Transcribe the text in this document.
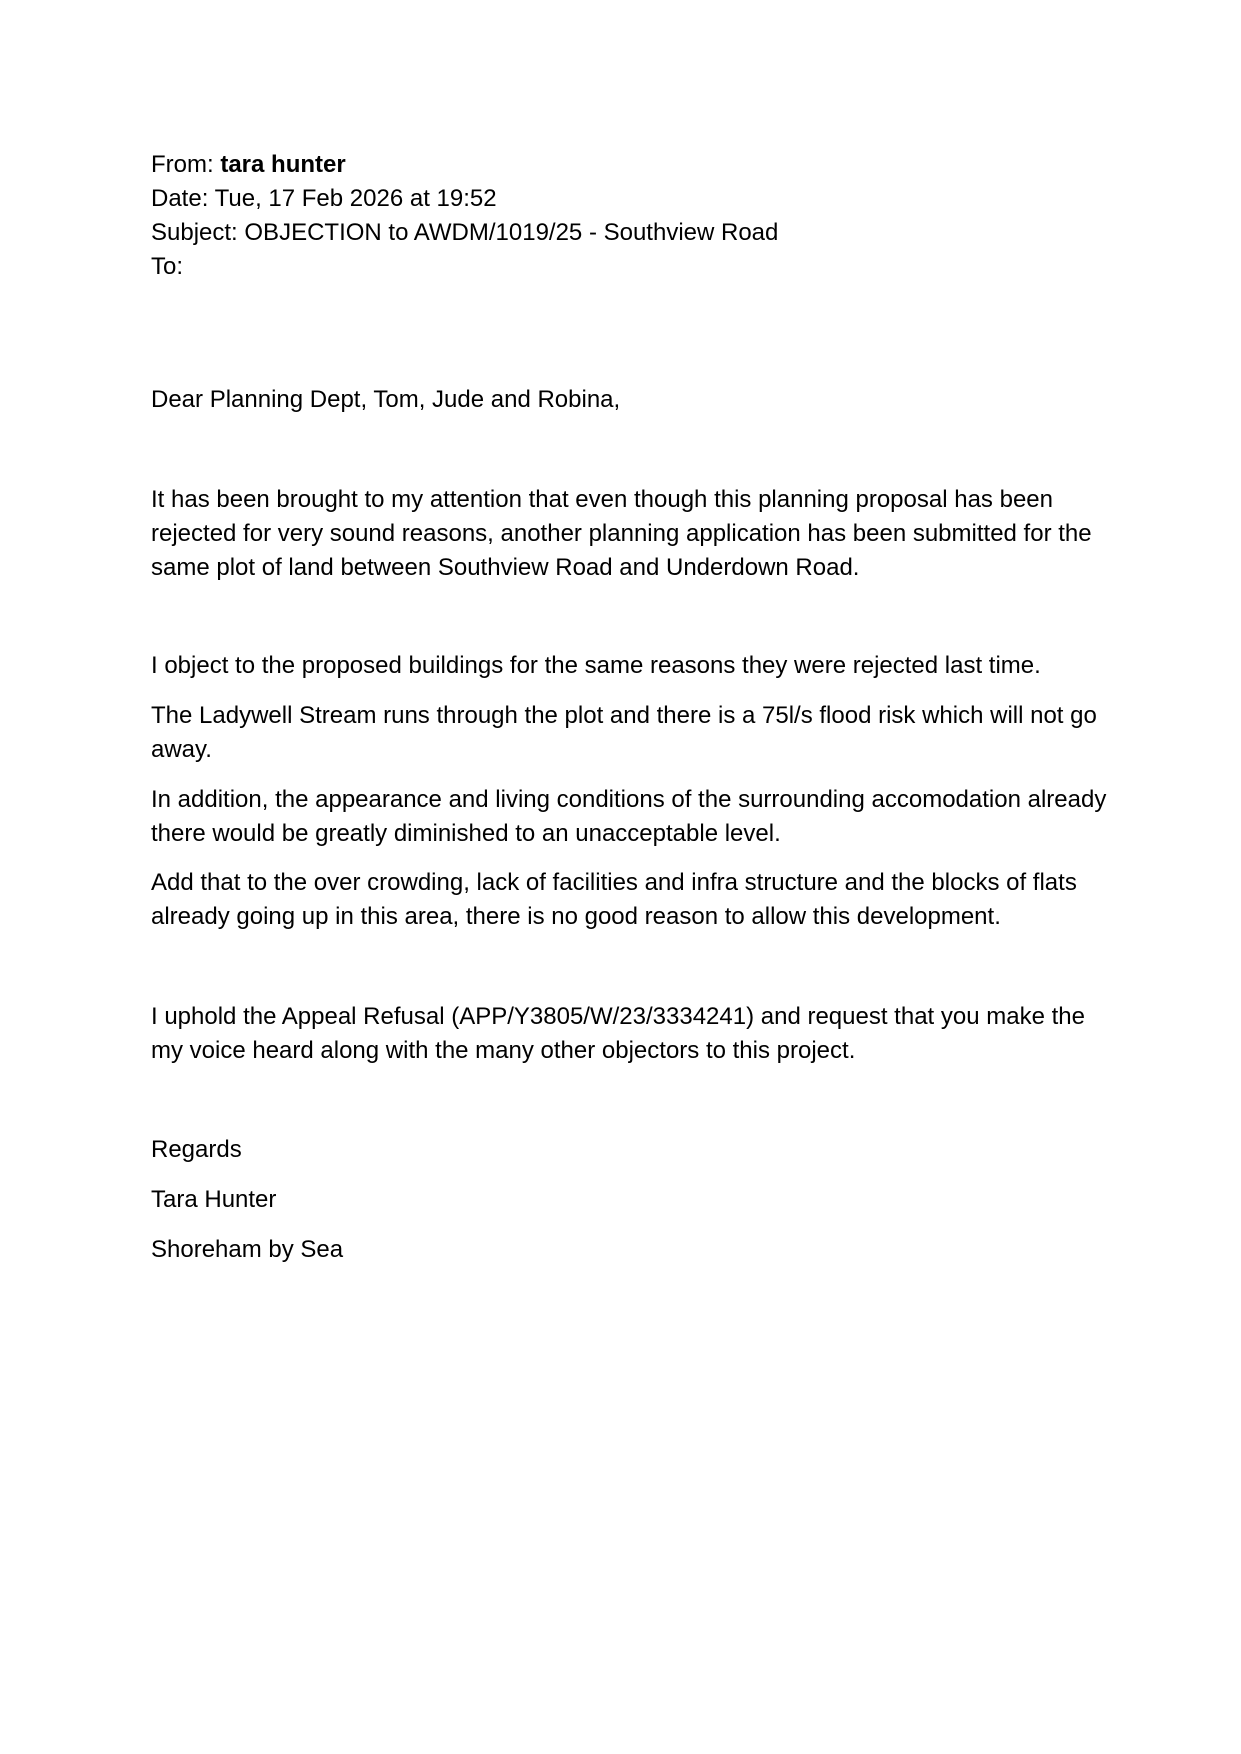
From: tara hunter
Date: Tue, 17 Feb 2026 at 19:52
Subject: OBJECTION to AWDM/1019/25 - Southview Road
To:

Dear Planning Dept, Tom, Jude and Robina,

It has been brought to my attention that even though this planning proposal has been rejected for very sound reasons, another planning application has been submitted for the same plot of land between Southview Road and Underdown Road.

I object to the proposed buildings for the same reasons they were rejected last time.

The Ladywell Stream runs through the plot and there is a 75l/s flood risk which will not go away.

In addition, the appearance and living conditions of the surrounding accomodation already there would be greatly diminished to an unacceptable level.

Add that to the over crowding, lack of facilities and infra structure and the blocks of flats already going up in this area, there is no good reason to allow this development.

I uphold the Appeal Refusal (APP/Y3805/W/23/3334241) and request that you make the my voice heard along with the many other objectors to this project.

Regards

Tara Hunter

Shoreham by Sea
